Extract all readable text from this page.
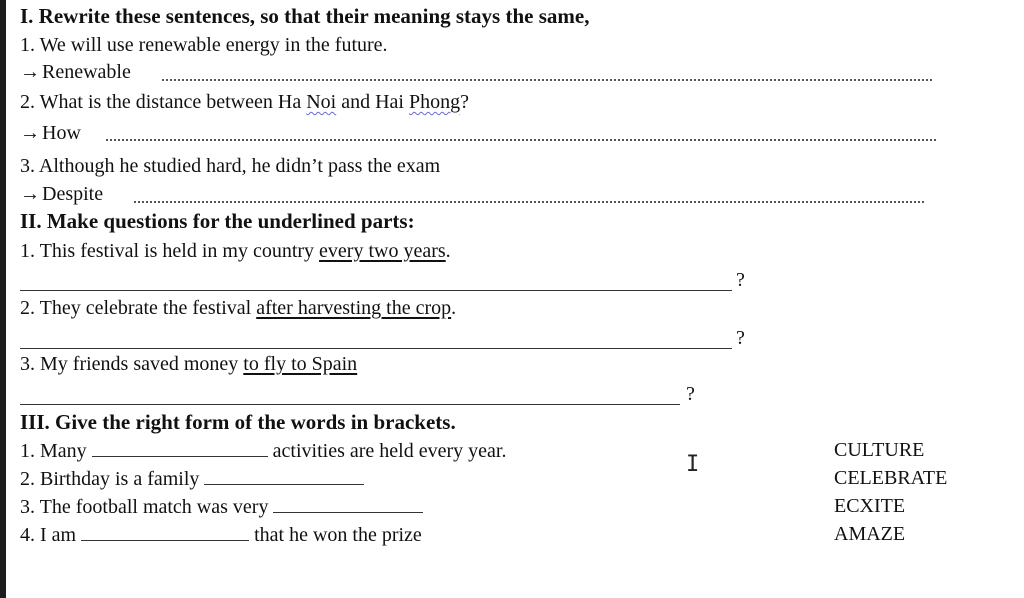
I. Rewrite these sentences, so that their meaning stays the same,
1. We will use renewable energy in the future.
→ Renewable
2. What is the distance between Ha Noi and Hai Phong?
→ How
3. Although he studied hard, he didn’t pass the exam
→ Despite
II. Make questions for the underlined parts:
1. This festival is held in my country every two years.
?
2. They celebrate the festival after harvesting the crop.
?
3. My friends saved money to fly to Spain
?
III. Give the right form of the words in brackets.
1. Many	activities are held every year.	CULTURE
2. Birthday is a family	CELEBRATE
3. The football match was very	ECXITE
4. I am	that he won the prize	AMAZE
I
